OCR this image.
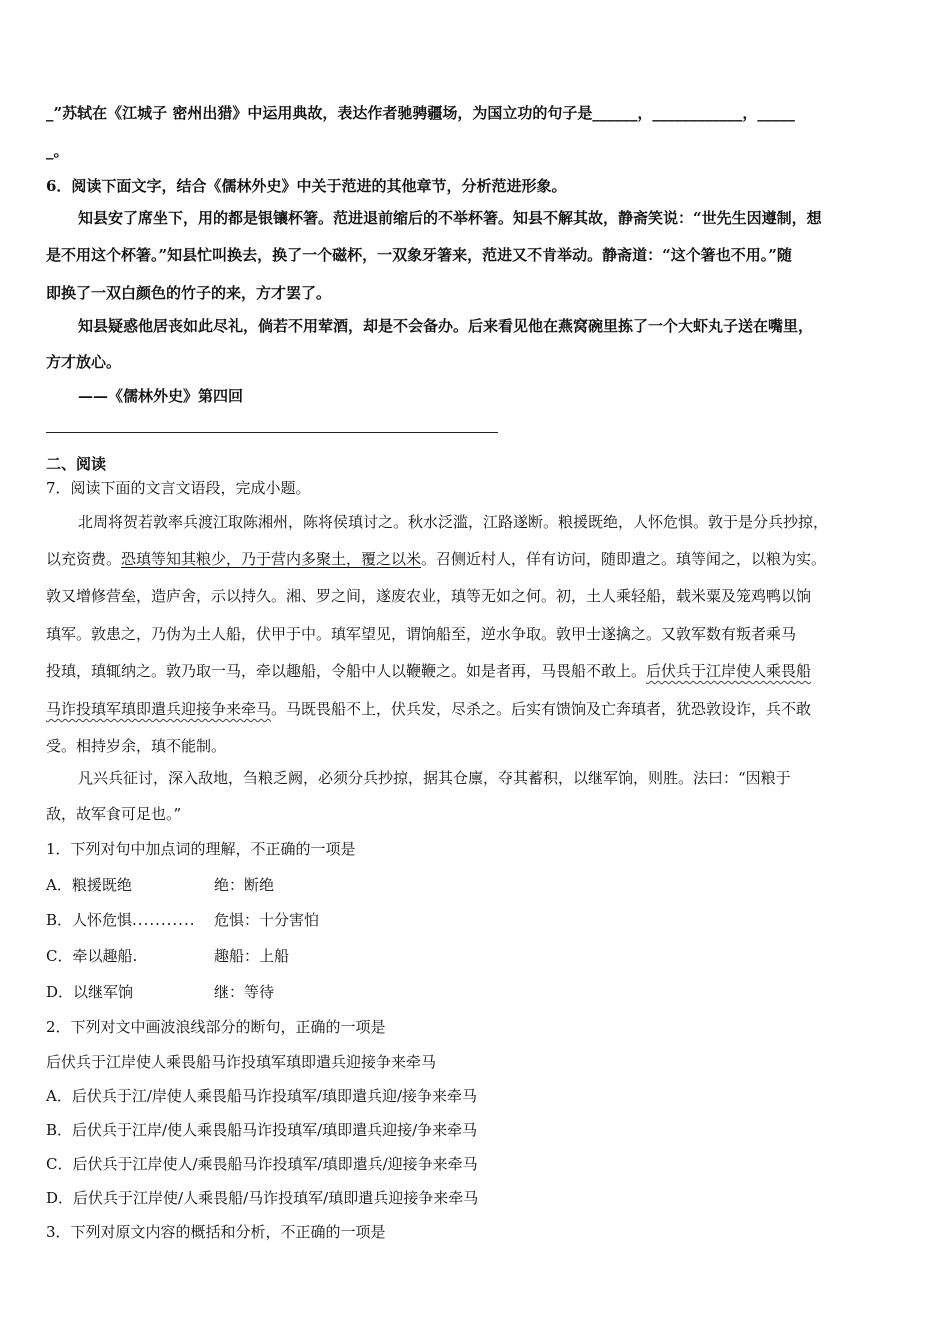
_”苏轼在《江城子 密州出猎》中运用典故，表达作者驰骋疆场，为国立功的句子是______，____________，_____
_。
6．阅读下面文字，结合《儒林外史》中关于范进的其他章节，分析范进形象。
知县安了席坐下，用的都是银镶杯箸。范进退前缩后的不举杯箸。知县不解其故，静斋笑说：“世先生因遵制，想
是不用这个杯箸。”知县忙叫换去，换了一个磁杯，一双象牙箸来，范进又不肯举动。静斋道：“这个箸也不用。”随
即换了一双白颜色的竹子的来，方才罢了。
知县疑惑他居丧如此尽礼，倘若不用荤酒，却是不会备办。后来看见他在燕窝碗里拣了一个大虾丸子送在嘴里，
方才放心。
——《儒林外史》第四回
二、阅读
7．阅读下面的文言文语段，完成小题。
北周将贺若敦率兵渡江取陈湘州，陈将侯瑱讨之。秋水泛滥，江路遂断。粮援既绝，人怀危惧。敦于是分兵抄掠，
以充资费。恐瑱等知其粮少，乃于营内多聚土，覆之以米。召侧近村人，佯有访问，随即遣之。瑱等闻之，以粮为实。
敦又增修营垒，造庐舍，示以持久。湘、罗之间，遂废农业，瑱等无如之何。初，土人乘轻船，载米粟及笼鸡鸭以饷
瑱军。敦患之，乃伪为土人船，伏甲于中。瑱军望见，谓饷船至，逆水争取。敦甲士遂擒之。又敦军数有叛者乘马
投瑱，瑱辄纳之。敦乃取一马，牵以趣船，令船中人以鞭鞭之。如是者再，马畏船不敢上。后伏兵于江岸使人乘畏船
马诈投瑱军瑱即遣兵迎接争来牵马。马既畏船不上，伏兵发，尽杀之。后实有馈饷及亡奔瑱者，犹恐敦设诈，兵不敢
受。相持岁余，瑱不能制。
凡兴兵征讨，深入敌地，刍粮乏阙，必须分兵抄掠，据其仓廪，夺其蓄积，以继军饷，则胜。法曰：“因粮于
敌，故军食可足也。”
1．下列对句中加点词的理解，不正确的一项是
A．粮援既绝	绝：断绝
B．人怀危惧........... 危惧：十分害怕
C．牵以趣船.	趣船：上船
D．以继军饷	继：等待
2．下列对文中画波浪线部分的断句，正确的一项是
后伏兵于江岸使人乘畏船马诈投瑱军瑱即遣兵迎接争来牵马
A．后伏兵于江/岸使人乘畏船马诈投瑱军/瑱即遣兵迎/接争来牵马
B．后伏兵于江岸/使人乘畏船马诈投瑱军/瑱即遣兵迎接/争来牵马
C．后伏兵于江岸使人/乘畏船马诈投瑱军/瑱即遣兵/迎接争来牵马
D．后伏兵于江岸使/人乘畏船/马诈投瑱军/瑱即遣兵迎接争来牵马
3．下列对原文内容的概括和分析，不正确的一项是
